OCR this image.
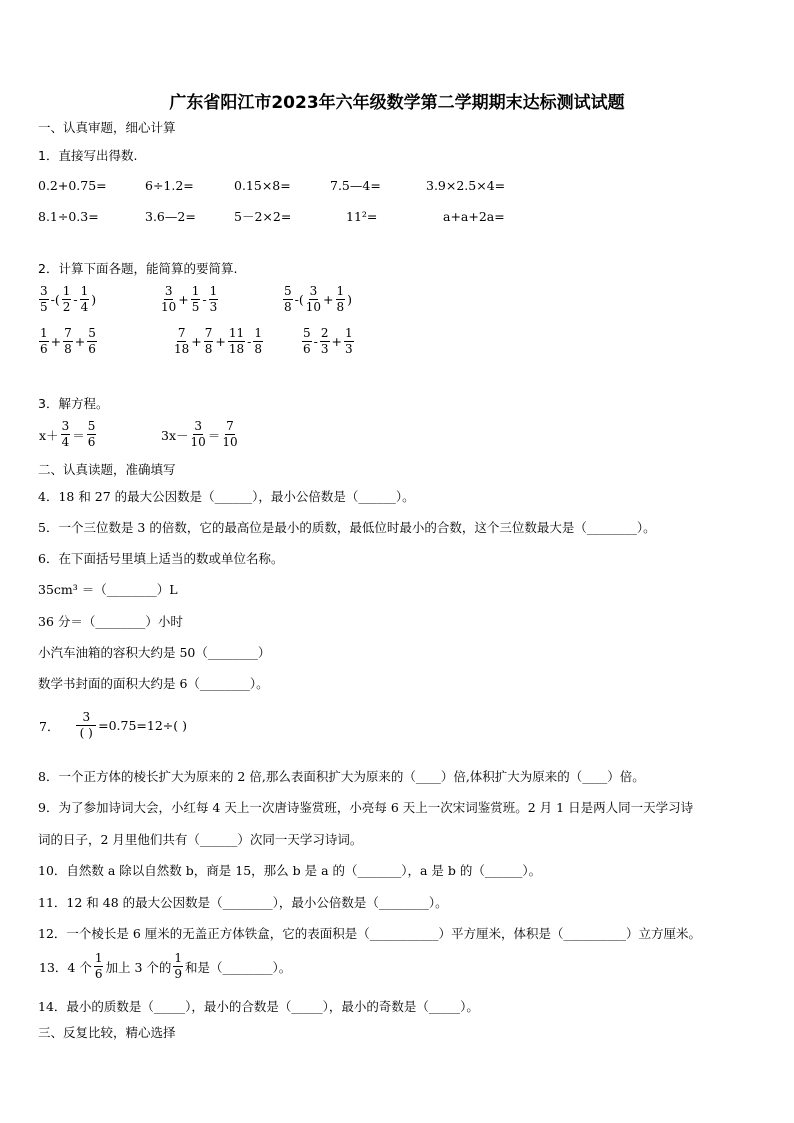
广东省阳江市2023年六年级数学第二学期期末达标测试试题
一、认真审题，细心计算
1．直接写出得数.
0.2+0.75=	6÷1.2=	0.15×8=	7.5—4=	3.9×2.5×4=
8.1÷0.3=	3.6—2=	5－2×2=	11²=	a+a+2a=
2．计算下面各题，能简算的要简算.
$\frac{3}{5}$ -( $\frac{1}{2} - \frac{1}{4}$ )	$\frac{3}{10} + \frac{1}{5} - \frac{1}{3}$	$\frac{5}{8}$ -( $\frac{3}{10} + \frac{1}{8}$ )
$\frac{1}{6} + \frac{7}{8} + \frac{5}{6}$	$\frac{7}{18} + \frac{7}{8} + \frac{11}{18} - \frac{1}{8}$	$\frac{5}{6} - \frac{2}{3} + \frac{1}{3}$
3．解方程。
$x+ \frac{3}{4} = \frac{5}{6}$	$3x- \frac{3}{10} = \frac{7}{10}$
二、认真读题，准确填写
4．18 和 27 的最大公因数是（______），最小公倍数是（______）。
5．一个三位数是 3 的倍数，它的最高位是最小的质数，最低位时最小的合数，这个三位数最大是（________）。
6．在下面括号里填上适当的数或单位名称。
35cm³ ＝（________）L
36 分＝（________）小时
小汽车油箱的容积大约是 50（________）
数学书封面的面积大约是 6（________）。
7． $\frac{3}{( )} =0.75=12\div$( )
8．一个正方体的棱长扩大为原来的 2 倍,那么表面积扩大为原来的（____）倍,体积扩大为原来的（____）倍。
9．为了参加诗词大会，小红每 4 天上一次唐诗鉴赏班，小亮每 6 天上一次宋词鉴赏班。2 月 1 日是两人同一天学习诗
词的日子，2 月里他们共有（______）次同一天学习诗词。
10．自然数 a 除以自然数 b，商是 15，那么 b 是 a 的（_______），a 是 b 的（______）。
11．12 和 48 的最大公因数是（________），最小公倍数是（________）。
12．一个棱长是 6 厘米的无盖正方体铁盒，它的表面积是（___________）平方厘米，体积是（__________）立方厘米。
13．4 个 $\frac{1}{6}$ 加上 3 个的 $\frac{1}{9}$ 和是（________）。
14．最小的质数是（_____），最小的合数是（_____），最小的奇数是（_____）。
三、反复比较，精心选择
